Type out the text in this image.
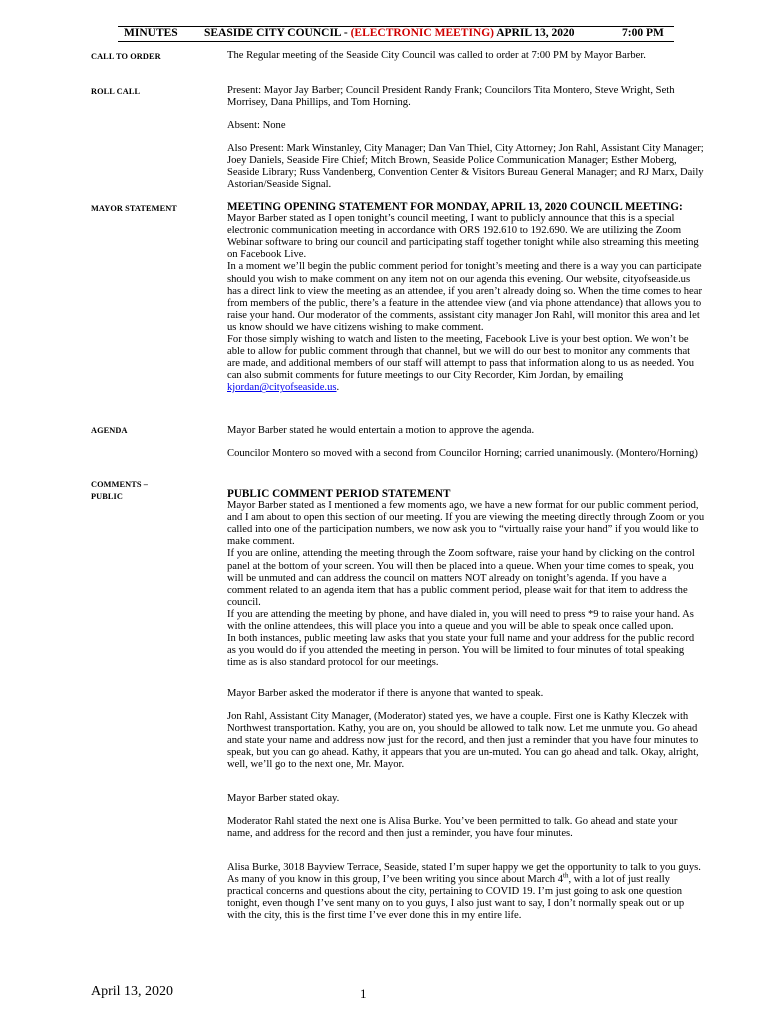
MINUTES SEASIDE CITY COUNCIL - (ELECTRONIC MEETING) APRIL 13, 2020	7:00 PM
CALL TO ORDER	The Regular meeting of the Seaside City Council was called to order at 7:00 PM by Mayor Barber.

ROLL CALL	Present: Mayor Jay Barber; Council President Randy Frank; Councilors Tita Montero, Steve Wright, Seth Morrisey, Dana Phillips, and Tom Horning.

Absent: None

Also Present: Mark Winstanley, City Manager; Dan Van Thiel, City Attorney; Jon Rahl, Assistant City Manager; Joey Daniels, Seaside Fire Chief; Mitch Brown, Seaside Police Communication Manager; Esther Moberg, Seaside Library; Russ Vandenberg, Convention Center & Visitors Bureau General Manager; and RJ Marx, Daily Astorian/Seaside Signal.

MAYOR STATEMENT	MEETING OPENING STATEMENT FOR MONDAY, APRIL 13, 2020 COUNCIL MEETING:

Mayor Barber stated as I open tonight’s council meeting, I want to publicly announce that this is a special electronic communication meeting in accordance with ORS 192.610 to 192.690. We are utilizing the Zoom Webinar software to bring our council and participating staff together tonight while also streaming this meeting on Facebook Live.

In a moment we’ll begin the public comment period for tonight’s meeting and there is a way you can participate should you wish to make comment on any item not on our agenda this evening. Our website, cityofseaside.us has a direct link to view the meeting as an attendee, if you aren’t already doing so. When the time comes to hear from members of the public, there’s a feature in the attendee view (and via phone attendance) that allows you to raise your hand. Our moderator of the comments, assistant city manager Jon Rahl, will monitor this area and let us know should we have citizens wishing to make comment.

For those simply wishing to watch and listen to the meeting, Facebook Live is your best option. We won’t be able to allow for public comment through that channel, but we will do our best to monitor any comments that are made, and additional members of our staff will attempt to pass that information along to us as needed. You can also submit comments for future meetings to our City Recorder, Kim Jordan, by emailing kjordan@cityofseaside.us.

AGENDA	Mayor Barber stated he would entertain a motion to approve the agenda.

Councilor Montero so moved with a second from Councilor Horning; carried unanimously. (Montero/Horning)

COMMENTS –
PUBLIC	PUBLIC COMMENT PERIOD STATEMENT

Mayor Barber stated as I mentioned a few moments ago, we have a new format for our public comment period, and I am about to open this section of our meeting. If you are viewing the meeting directly through Zoom or you called into one of the participation numbers, we now ask you to “virtually raise your hand” if you would like to make comment.

If you are online, attending the meeting through the Zoom software, raise your hand by clicking on the control panel at the bottom of your screen. You will then be placed into a queue. When your time comes to speak, you will be unmuted and can address the council on matters NOT already on tonight’s agenda. If you have a comment related to an agenda item that has a public comment period, please wait for that item to address the council.

If you are attending the meeting by phone, and have dialed in, you will need to press *9 to raise your hand. As with the online attendees, this will place you into a queue and you will be able to speak once called upon.

In both instances, public meeting law asks that you state your full name and your address for the public record as you would do if you attended the meeting in person. You will be limited to four minutes of total speaking time as is also standard protocol for our meetings.

Mayor Barber asked the moderator if there is anyone that wanted to speak.

Jon Rahl, Assistant City Manager, (Moderator) stated yes, we have a couple. First one is Kathy Kleczek with Northwest transportation. Kathy, you are on, you should be allowed to talk now. Let me unmute you. Go ahead and state your name and address now just for the record, and then just a reminder that you have four minutes to speak, but you can go ahead. Kathy, it appears that you are un-muted. You can go ahead and talk. Okay, alright, well, we’ll go to the next one, Mr. Mayor.

Mayor Barber stated okay.

Moderator Rahl stated the next one is Alisa Burke. You’ve been permitted to talk. Go ahead and state your name, and address for the record and then just a reminder, you have four minutes.

Alisa Burke, 3018 Bayview Terrace, Seaside, stated I’m super happy we get the opportunity to talk to you guys. As many of you know in this group, I’ve been writing you since about March 4th, with a lot of just really practical concerns and questions about the city, pertaining to COVID 19. I’m just going to ask one question tonight, even though I’ve sent many on to you guys, I also just want to say, I don’t normally speak out or up with the city, this is the first time I’ve ever done this in my entire life.

April 13, 2020	1
